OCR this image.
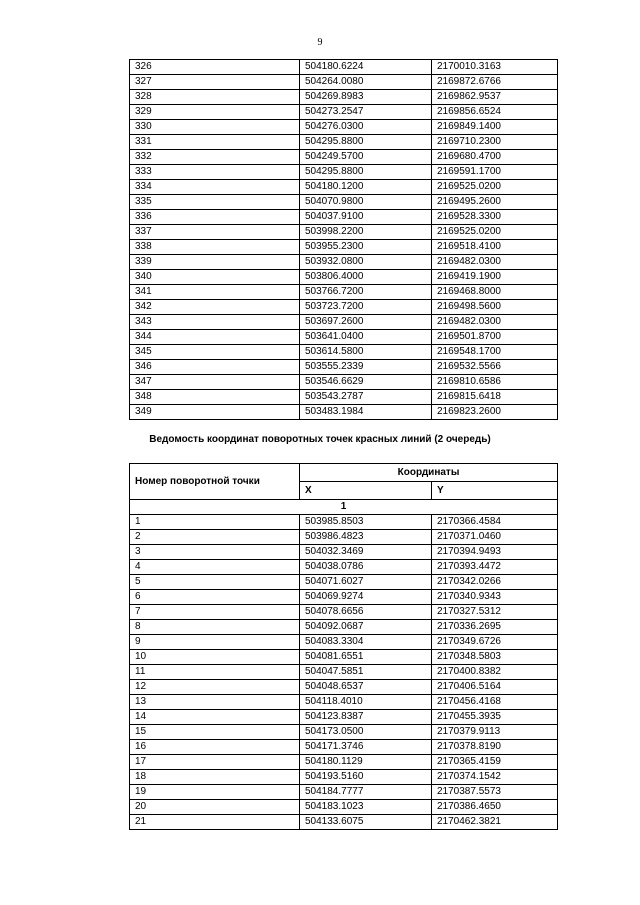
9
326	504180.6224	2170010.3163
327	504264.0080	2169872.6766
328	504269.8983	2169862.9537
329	504273.2547	2169856.6524
330	504276.0300	2169849.1400
331	504295.8800	2169710.2300
332	504249.5700	2169680.4700
333	504295.8800	2169591.1700
334	504180.1200	2169525.0200
335	504070.9800	2169495.2600
336	504037.9100	2169528.3300
337	503998.2200	2169525.0200
338	503955.2300	2169518.4100
339	503932.0800	2169482.0300
340	503806.4000	2169419.1900
341	503766.7200	2169468.8000
342	503723.7200	2169498.5600
343	503697.2600	2169482.0300
344	503641.0400	2169501.8700
345	503614.5800	2169548.1700
346	503555.2339	2169532.5566
347	503546.6629	2169810.6586
348	503543.2787	2169815.6418
349	503483.1984	2169823.2600
Ведомость координат поворотных точек красных линий (2 очередь)
Номер поворотной точки	Координаты	
	X	Y
1		
1	503985.8503	2170366.4584
2	503986.4823	2170371.0460
3	504032.3469	2170394.9493
4	504038.0786	2170393.4472
5	504071.6027	2170342.0266
6	504069.9274	2170340.9343
7	504078.6656	2170327.5312
8	504092.0687	2170336.2695
9	504083.3304	2170349.6726
10	504081.6551	2170348.5803
11	504047.5851	2170400.8382
12	504048.6537	2170406.5164
13	504118.4010	2170456.4168
14	504123.8387	2170455.3935
15	504173.0500	2170379.9113
16	504171.3746	2170378.8190
17	504180.1129	2170365.4159
18	504193.5160	2170374.1542
19	504184.7777	2170387.5573
20	504183.1023	2170386.4650
21	504133.6075	2170462.3821
